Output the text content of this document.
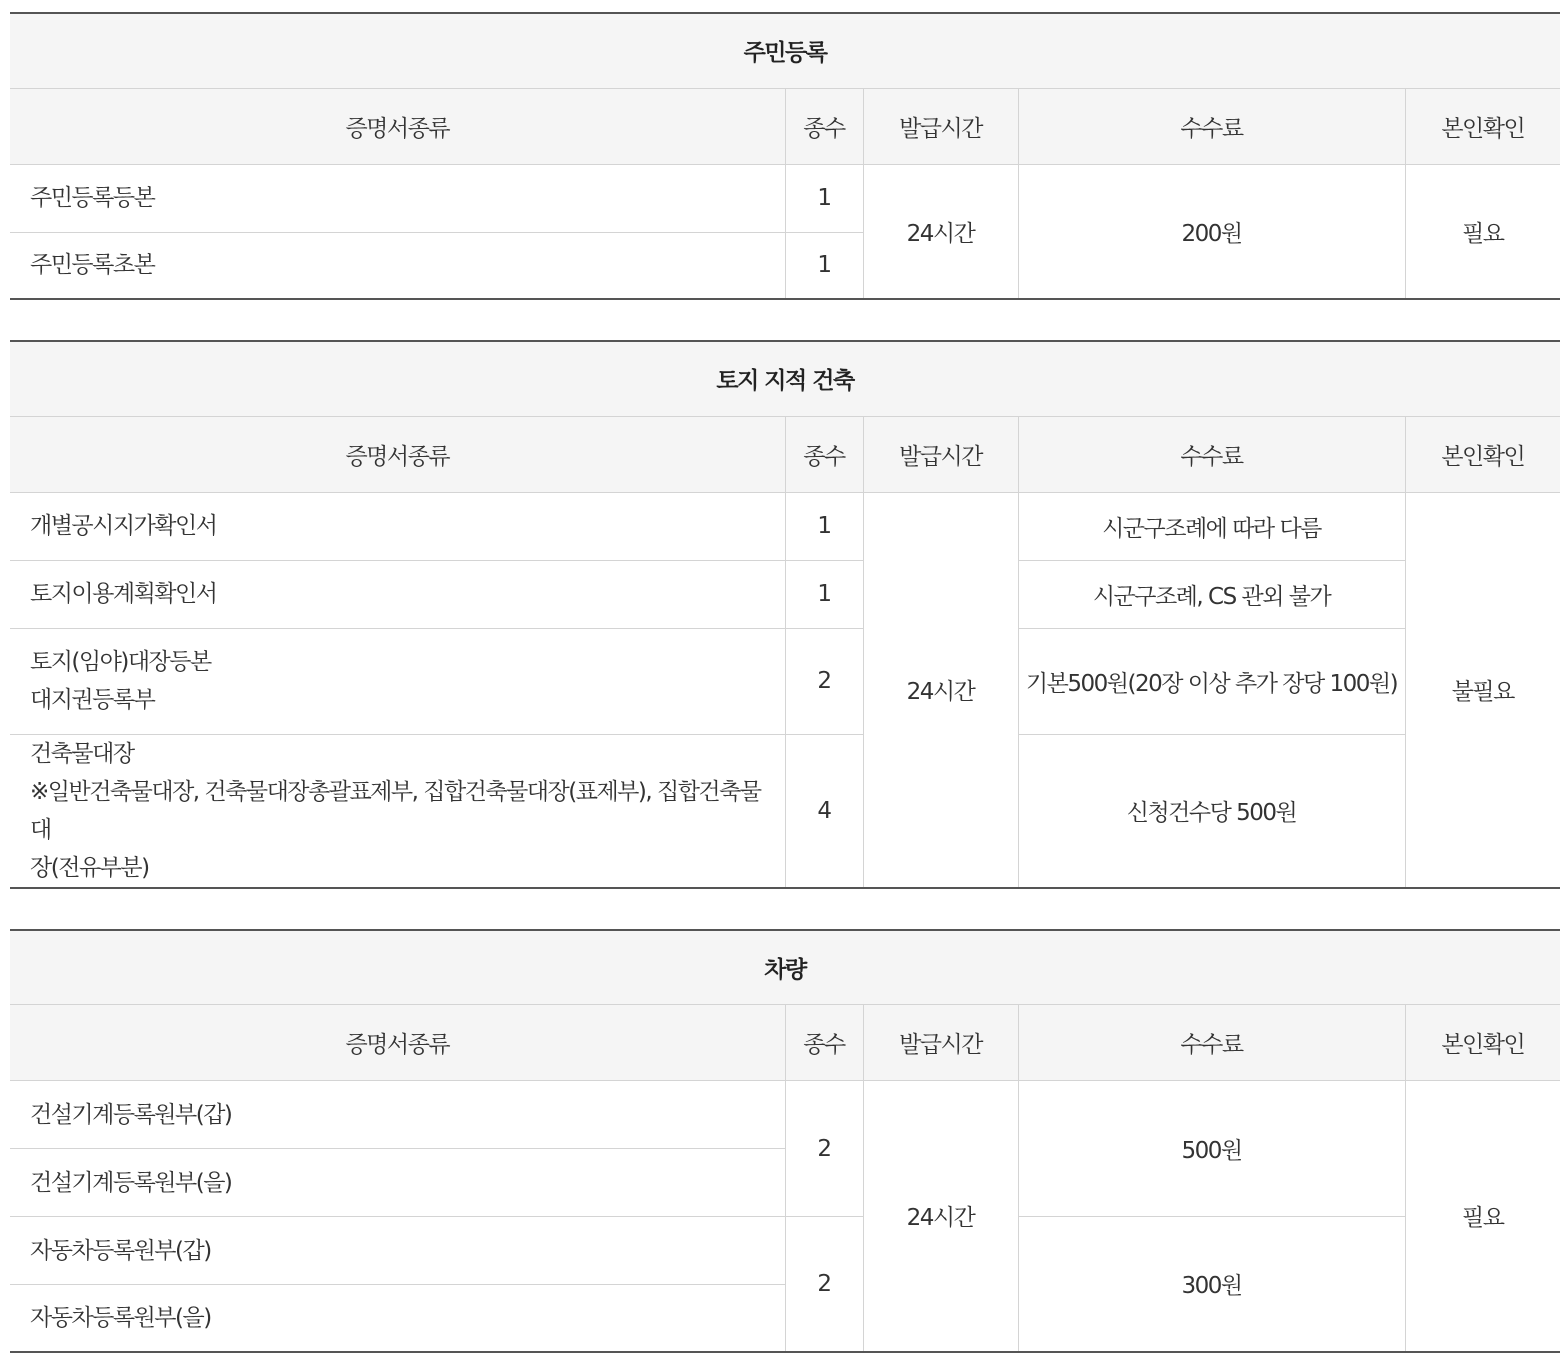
주민등록				
증명서종류	종수	발급시간	수수료	본인확인
주민등록등본	1	24시간	200원	필요
주민등록초본	1			
토지 지적 건축				
증명서종류	종수	발급시간	수수료	본인확인
개별공시지가확인서	1	24시간	시군구조례에 따라 다름	불필요
토지이용계획확인서	1		시군구조례, CS 관외 불가	

토지(임야)대장등본
대지권등록부	2		기본500원(20장 이상 추가 장당 100원)	

건축물대장
※일반건축물대장, 건축물대장총괄표제부, 집합건축물대장(표제부), 집합건축물대
장(전유부분)	4		신청건수당 500원	
차량				
증명서종류	종수	발급시간	수수료	본인확인
건설기계등록원부(갑)	2	24시간	500원	필요
건설기계등록원부(을)				
자동차등록원부(갑)	2		300원	
자동차등록원부(을)				
